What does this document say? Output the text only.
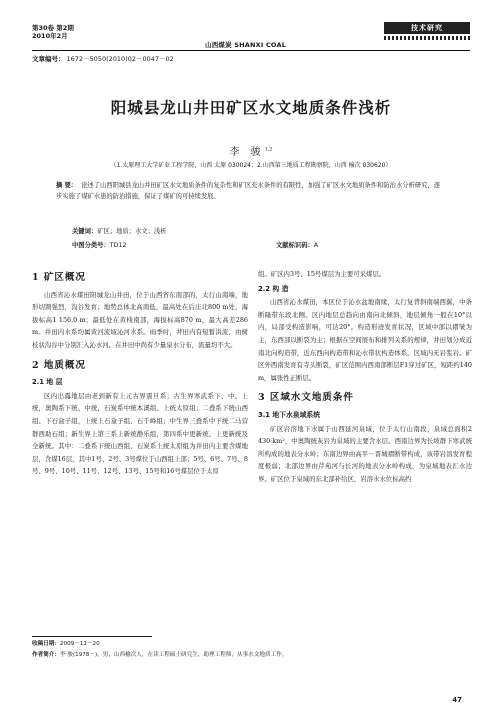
第30卷 第2期
2010年2月
山西煤炭 SHANXI COAL
技术研究
文章编号： 1672－5050(2010)02－0047－02
阳城县龙山井田矿区水文地质条件浅析
李 骏$^{1,2}$
（1.太原理工大学矿业工程学院，山西 太原 030024；2.山西第三地质工程勘察院，山西 榆次 030620）
摘 要： 论述了山西阳城县龙山井田矿区水文地质条件的复杂性和矿区充水条件的有限性，加强了矿区水文地质条件和防治水分析研究，逐步实施了煤矿水患的防治措施，保证了煤矿的可持续发展。
关键词：矿区；地质；水文；浅析
中图分类号：TD12	文献标识码：A
1 矿区概况

山西省沁水煤田阳城龙山井田，位于山西省东南部的，太行山南端，地形切割强烈，沟谷发育；地势总体北高南低，最高处在后庄北800 m处，海拔标高1 156.0 m；最低处在黄栈南部，海拔标高870 m，最大高差286 m。井田内水系均属黄河流域沁河水系。雨季时，井田内有短暂洪流，由树枝状沟谷中分别汇入沁水河。在井田中尚有少量泉水分布，流量均不大。

2 地质概况
2.1 地 层

区内出露地层由老到新有上元古界震旦系；古生界寒武系下、中、上统，奥陶系下统、中统，石炭系中统本溪组、上统太原组；二叠系下统山西组、下石盒子组，上统上石盒子组、石千峰组；中生界三叠系中下统二马营群西助石组；新生界上第三系上新统静乐组，第四系中更新统、上更新统及全新统。其中：二叠系下统山西组、石炭系上统太原组为井田内主要含煤地层，含煤16层，其中1号、2号、3号煤位于山西组上部；5号、6号、7号、8号、9号、10号、11号、12号、13号、15号和16号煤层位于太原

组。矿区内3号、15号煤层为主要可采煤层。

2.2 构 造

山西省沁水煤田，本区位于沁水盆地南缘，太行复背斜南端西翼，中条断隆带东段北侧。区内地层总趋向由南向北倾斜，地层倾角一般在10°以内，局部受构造影响，可达20°。构造形迹发育状况，区域中部以褶皱为主，东西部以断裂为主；根据在空间展布和排列关系的规律，井田划分成近南北向构造带，近东西向构造带和沁水带状构造体系。区域内无岩浆岩。矿区外西南发育有寺头断裂，矿区范围内西南部断层F1穿过矿区，短距约140 m，属张性正断层。

3 区域水文地质条件
3.1 地下水泉域系统

矿区岩溶地下水属于山西延河泉域，位于太行山南段，泉域总面积2 430 km²，中奥陶统灰岩为泉域的主要含水层。西南边界为长坡群下寒武统所构成的地表分水岭；东南边界由高平－晋城褶断带构成，该带岩溶发育程度极弱；北部边界由芹苑河与长河的地表分水岭构成，为泉域地表汇水边界。矿区位于泉域的东北部补给区，岩溶水水位标高约

收稿日期：2009－11－20
作者简介：李 骏(1978－)，男，山西榆次人，在读工程硕士研究生，助理工程师，从事水文地质工作。
47
